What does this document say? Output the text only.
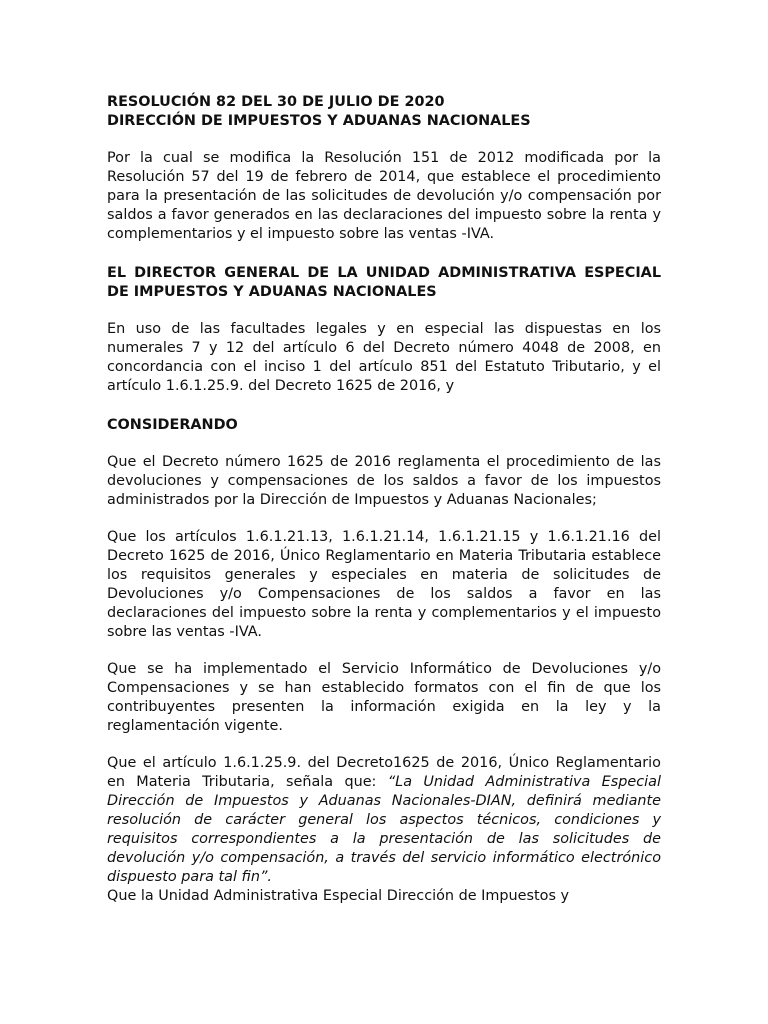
RESOLUCIÓN 82 DEL 30 DE JULIO DE 2020
DIRECCIÓN DE IMPUESTOS Y ADUANAS NACIONALES

Por la cual se modifica la Resolución 151 de 2012 modificada por la Resolución 57 del 19 de febrero de 2014, que establece el procedimiento para la presentación de las solicitudes de devolución y/o compensación por saldos a favor generados en las declaraciones del impuesto sobre la renta y complementarios y el impuesto sobre las ventas -IVA.

EL DIRECTOR GENERAL DE LA UNIDAD ADMINISTRATIVA ESPECIAL DE IMPUESTOS Y ADUANAS NACIONALES

En uso de las facultades legales y en especial las dispuestas en los numerales 7 y 12 del artículo 6 del Decreto número 4048 de 2008, en concordancia con el inciso 1 del artículo 851 del Estatuto Tributario, y el artículo 1.6.1.25.9. del Decreto 1625 de 2016, y

CONSIDERANDO

Que el Decreto número 1625 de 2016 reglamenta el procedimiento de las devoluciones y compensaciones de los saldos a favor de los impuestos administrados por la Dirección de Impuestos y Aduanas Nacionales;

Que los artículos 1.6.1.21.13, 1.6.1.21.14, 1.6.1.21.15 y 1.6.1.21.16 del Decreto 1625 de 2016, Único Reglamentario en Materia Tributaria establece los requisitos generales y especiales en materia de solicitudes de Devoluciones y/o Compensaciones de los saldos a favor en las declaraciones del impuesto sobre la renta y complementarios y el impuesto sobre las ventas -IVA.

Que se ha implementado el Servicio Informático de Devoluciones y/o Compensaciones y se han establecido formatos con el fin de que los contribuyentes presenten la información exigida en la ley y la reglamentación vigente.

Que el artículo 1.6.1.25.9. del Decreto1625 de 2016, Único Reglamentario en Materia Tributaria, señala que: “La Unidad Administrativa Especial Dirección de Impuestos y Aduanas Nacionales-DIAN, definirá mediante resolución de carácter general los aspectos técnicos, condiciones y requisitos correspondientes a la presentación de las solicitudes de devolución y/o compensación, a través del servicio informático electrónico dispuesto para tal fin”.

Que la Unidad Administrativa Especial Dirección de Impuestos y
